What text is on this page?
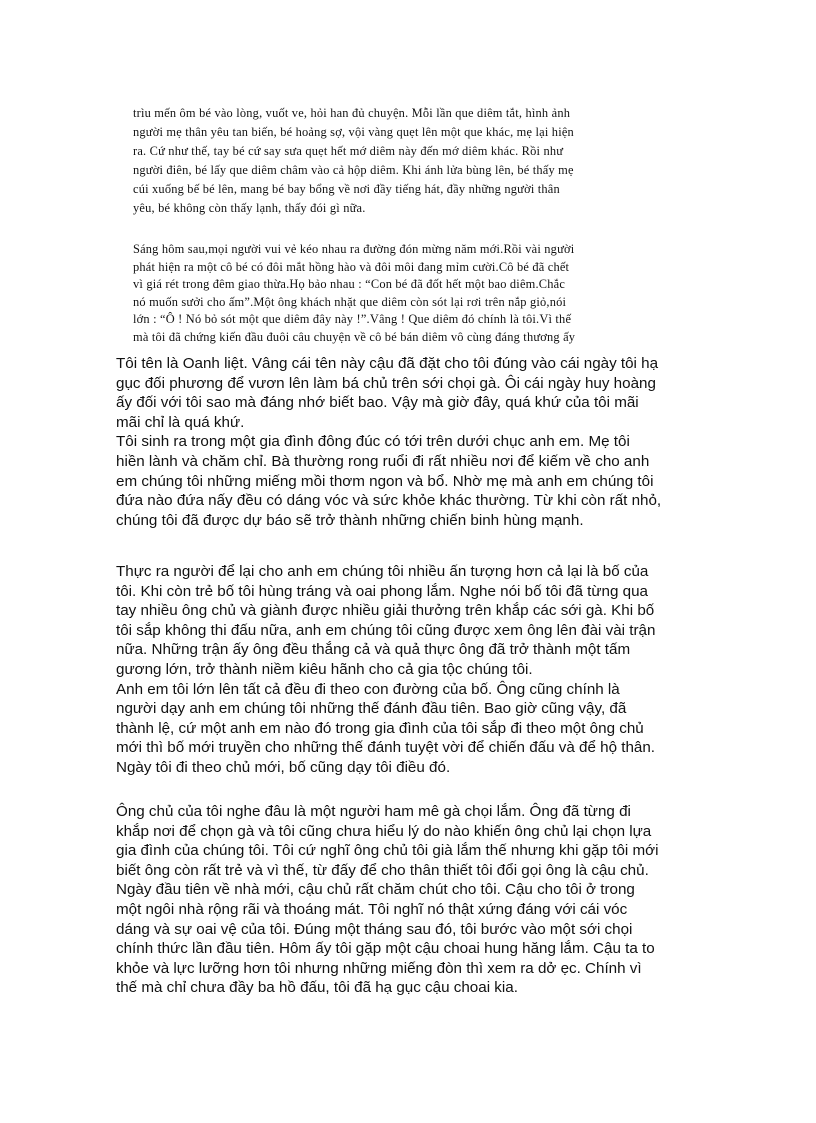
trìu mến ôm bé vào lòng, vuốt ve, hỏi han đủ chuyện. Mỗi lần que diêm tắt, hình ảnh
người mẹ thân yêu tan biến, bé hoảng sợ, vội vàng quẹt lên một que khác, mẹ lại hiện
ra. Cứ như thế, tay bé cứ say sưa quẹt hết mớ diêm này đến mớ diêm khác. Rồi như
người điên, bé lấy que diêm châm vào cả hộp diêm. Khi ánh lửa bùng lên, bé thấy mẹ
cúi xuống bế bé lên, mang bé bay bổng về nơi đầy tiếng hát, đầy những người thân
yêu, bé không còn thấy lạnh, thấy đói gì nữa.
Sáng hôm sau,mọi người vui vẻ kéo nhau ra đường đón mừng năm mới.Rồi vài người
phát hiện ra một cô bé có đôi mắt hồng hào và đôi môi đang mỉm cười.Cô bé đã chết
vì giá rét trong đêm giao thừa.Họ bảo nhau : “Con bé đã đốt hết một bao diêm.Chắc
nó muốn sưởi cho ấm”.Một ông khách nhặt que diêm còn sót lại rơi trên nắp giỏ,nói
lớn : “Ô ! Nó bỏ sót một que diêm đây này !”.Vâng ! Que diêm đó chính là tôi.Vì thế
mà tôi đã chứng kiến đầu đuôi câu chuyện về cô bé bán diêm vô cùng đáng thương ấy
Tôi tên là Oanh liệt. Vâng cái tên này cậu đã đặt cho tôi đúng vào cái ngày tôi hạ
gục đối phương để vươn lên làm bá chủ trên sới chọi gà. Ôi cái ngày huy hoàng
ấy đối với tôi sao mà đáng nhớ biết bao. Vậy mà giờ đây, quá khứ của tôi mãi
mãi chỉ là quá khứ.
Tôi sinh ra trong một gia đình đông đúc có tới trên dưới chục anh em. Mẹ tôi
hiền lành và chăm chỉ. Bà thường rong ruổi đi rất nhiều nơi để kiếm về cho anh
em chúng tôi những miếng mồi thơm ngon và bổ. Nhờ mẹ mà anh em chúng tôi
đứa nào đứa nấy đều có dáng vóc và sức khỏe khác thường. Từ khi còn rất nhỏ,
chúng tôi đã được dự báo sẽ trở thành những chiến binh hùng mạnh.
Thực ra người để lại cho anh em chúng tôi nhiều ấn tượng hơn cả lại là bố của
tôi. Khi còn trẻ bố tôi hùng tráng và oai phong lắm. Nghe nói bố tôi đã từng qua
tay nhiều ông chủ và giành được nhiều giải thưởng trên khắp các sới gà. Khi bố
tôi sắp không thi đấu nữa, anh em chúng tôi cũng được xem ông lên đài vài trận
nữa. Những trận ấy ông đều thắng cả và quả thực ông đã trở thành một tấm
gương lớn, trở thành niềm kiêu hãnh cho cả gia tộc chúng tôi.
Anh em tôi lớn lên tất cả đều đi theo con đường của bố. Ông cũng chính là
người dạy anh em chúng tôi những thế đánh đầu tiên. Bao giờ cũng vậy, đã
thành lệ, cứ một anh em nào đó trong gia đình của tôi sắp đi theo một ông chủ
mới thì bố mới truyền cho những thế đánh tuyệt vời để chiến đấu và để hộ thân.
Ngày tôi đi theo chủ mới, bố cũng dạy tôi điều đó.
Ông chủ của tôi nghe đâu là một người ham mê gà chọi lắm. Ông đã từng đi
khắp nơi để chọn gà và tôi cũng chưa hiểu lý do nào khiến ông chủ lại chọn lựa
gia đình của chúng tôi. Tôi cứ nghĩ ông chủ tôi già lắm thế nhưng khi gặp tôi mới
biết ông còn rất trẻ và vì thế, từ đấy để cho thân thiết tôi đổi gọi ông là cậu chủ.
Ngày đầu tiên về nhà mới, cậu chủ rất chăm chút cho tôi. Cậu cho tôi ở trong
một ngôi nhà rộng rãi và thoáng mát. Tôi nghĩ nó thật xứng đáng với cái vóc
dáng và sự oai vệ của tôi. Đúng một tháng sau đó, tôi bước vào một sới chọi
chính thức lần đầu tiên. Hôm ấy tôi gặp một cậu choai hung hăng lắm. Cậu ta to
khỏe và lực lưỡng hơn tôi nhưng những miếng đòn thì xem ra dở ẹc. Chính vì
thế mà chỉ chưa đầy ba hồ đấu, tôi đã hạ gục cậu choai kia.
